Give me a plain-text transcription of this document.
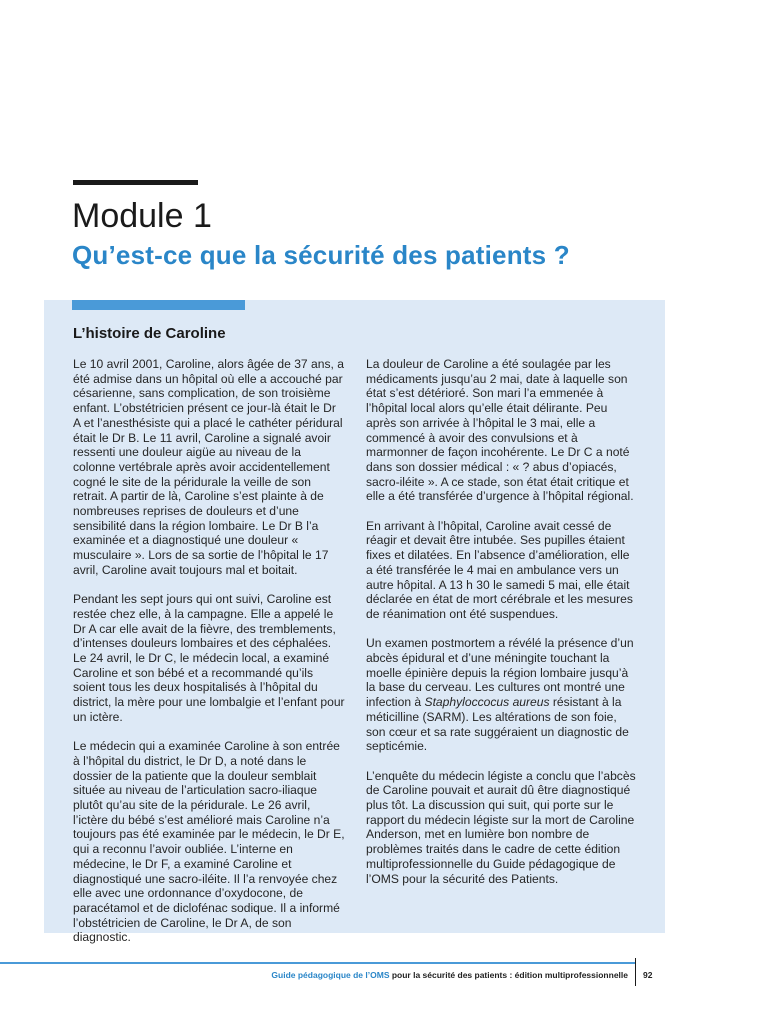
Module 1
Qu’est-ce que la sécurité des patients ?
L’histoire de Caroline

Le 10 avril 2001, Caroline, alors âgée de 37 ans, a été admise dans un hôpital où elle a accouché par césarienne, sans complication, de son troisième enfant. L’obstétricien présent ce jour-là était le Dr A et l’anesthésiste qui a placé le cathéter péridural était le Dr B. Le 11 avril, Caroline a signalé avoir ressenti une douleur aigüe au niveau de la colonne vertébrale après avoir accidentellement cogné le site de la péridurale la veille de son retrait. A partir de là, Caroline s’est plainte à de nombreuses reprises de douleurs et d’une sensibilité dans la région lombaire. Le Dr B l’a examinée et a diagnostiqué une douleur « musculaire ». Lors de sa sortie de l’hôpital le 17 avril, Caroline avait toujours mal et boitait.

Pendant les sept jours qui ont suivi, Caroline est restée chez elle, à la campagne. Elle a appelé le Dr A car elle avait de la fièvre, des tremblements, d’intenses douleurs lombaires et des céphalées. Le 24 avril, le Dr C, le médecin local, a examiné Caroline et son bébé et a recommandé qu’ils soient tous les deux hospitalisés à l’hôpital du district, la mère pour une lombalgie et l’enfant pour un ictère.

Le médecin qui a examinée Caroline à son entrée à l’hôpital du district, le Dr D, a noté dans le dossier de la patiente que la douleur semblait située au niveau de l’articulation sacro-iliaque plutôt qu’au site de la péridurale. Le 26 avril, l’ictère du bébé s’est amélioré mais Caroline n’a toujours pas été examinée par le médecin, le Dr E, qui a reconnu l’avoir oubliée. L’interne en médecine, le Dr F, a examiné Caroline et diagnostiqué une sacro-iléite. Il l’a renvoyée chez elle avec une ordonnance d’oxydocone, de paracétamol et de diclofénac sodique. Il a informé l’obstétricien de Caroline, le Dr A, de son diagnostic.

La douleur de Caroline a été soulagée par les médicaments jusqu’au 2 mai, date à laquelle son état s’est détérioré. Son mari l’a emmenée à l’hôpital local alors qu’elle était délirante. Peu après son arrivée à l’hôpital le 3 mai, elle a commencé à avoir des convulsions et à marmonner de façon incohérente. Le Dr C a noté dans son dossier médical : « ? abus d’opiacés, sacro-iléite ». A ce stade, son état était critique et elle a été transférée d’urgence à l’hôpital régional.

En arrivant à l’hôpital, Caroline avait cessé de réagir et devait être intubée. Ses pupilles étaient fixes et dilatées. En l’absence d’amélioration, elle a été transférée le 4 mai en ambulance vers un autre hôpital. A 13 h 30 le samedi 5 mai, elle était déclarée en état de mort cérébrale et les mesures de réanimation ont été suspendues.

Un examen postmortem a révélé la présence d’un abcès épidural et d’une méningite touchant la moelle épinière depuis la région lombaire jusqu’à la base du cerveau. Les cultures ont montré une infection à Staphyloccocus aureus résistant à la méticilline (SARM). Les altérations de son foie, son cœur et sa rate suggéraient un diagnostic de septicémie.

L’enquête du médecin légiste a conclu que l’abcès de Caroline pouvait et aurait dû être diagnostiqué plus tôt. La discussion qui suit, qui porte sur le rapport du médecin légiste sur la mort de Caroline Anderson, met en lumière bon nombre de problèmes traités dans le cadre de cette édition multiprofessionnelle du Guide pédagogique de l’OMS pour la sécurité des Patients.

Guide pédagogique de l’OMS pour la sécurité des patients : édition multiprofessionnelle 92
